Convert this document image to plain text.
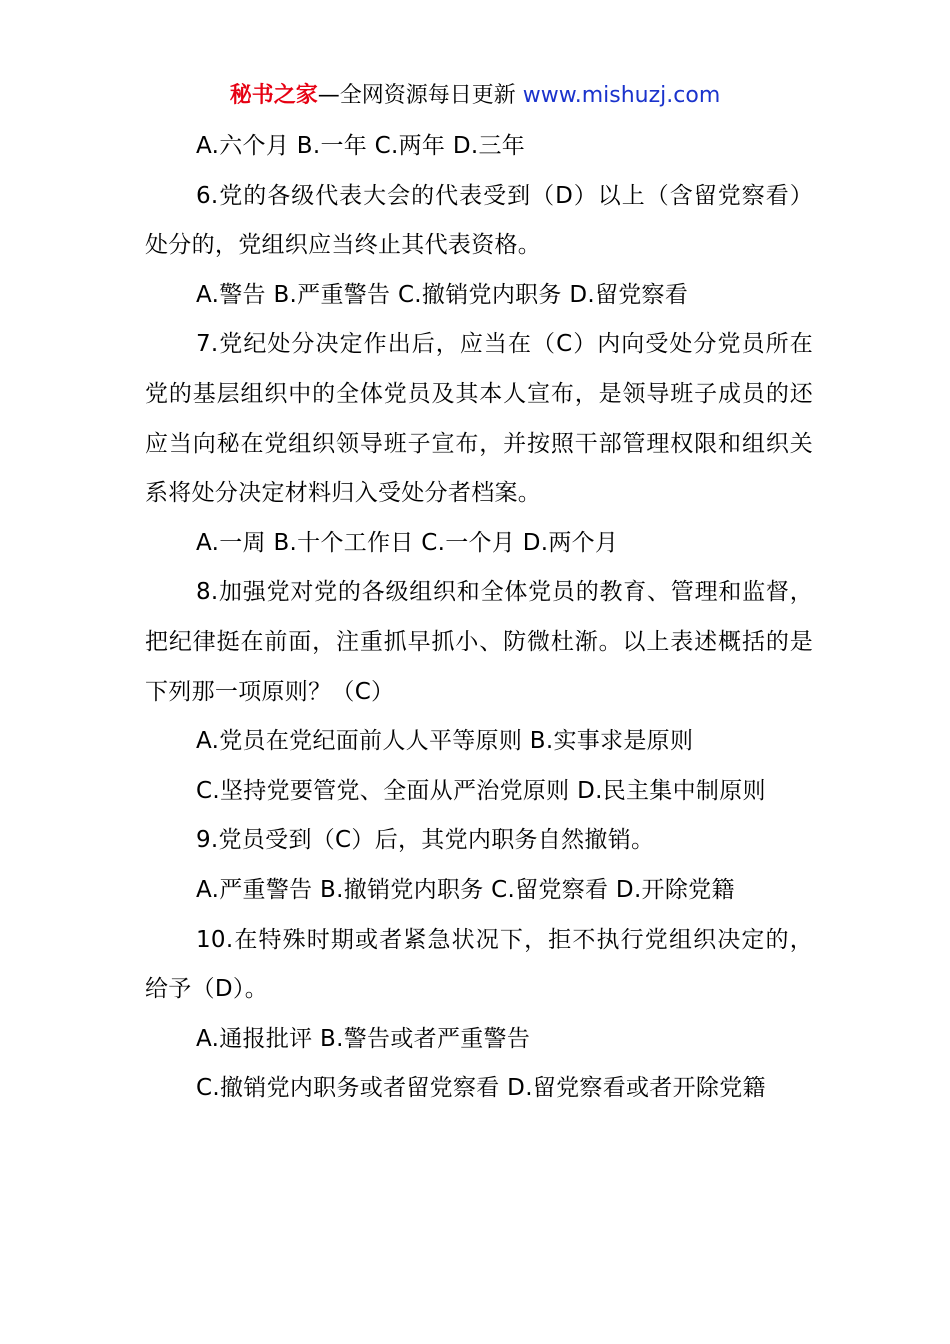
秘书之家—全网资源每日更新 www.mishuzj.com

A.六个月 B.一年 C.两年 D.三年

6.党的各级代表大会的代表受到（D）以上（含留党察看）处分的，党组织应当终止其代表资格。

A.警告 B.严重警告 C.撤销党内职务 D.留党察看

7.党纪处分决定作出后，应当在（C）内向受处分党员所在党的基层组织中的全体党员及其本人宣布，是领导班子成员的还应当向秘在党组织领导班子宣布，并按照干部管理权限和组织关系将处分决定材料归入受处分者档案。

A.一周 B.十个工作日 C.一个月 D.两个月

8.加强党对党的各级组织和全体党员的教育、管理和监督，把纪律挺在前面，注重抓早抓小、防微杜渐。以上表述概括的是下列那一项原则？（C）

A.党员在党纪面前人人平等原则 B.实事求是原则

C.坚持党要管党、全面从严治党原则 D.民主集中制原则

9.党员受到（C）后，其党内职务自然撤销。

A.严重警告 B.撤销党内职务 C.留党察看 D.开除党籍

10.在特殊时期或者紧急状况下，拒不执行党组织决定的，给予（D）。

A.通报批评 B.警告或者严重警告

C.撤销党内职务或者留党察看 D.留党察看或者开除党籍
